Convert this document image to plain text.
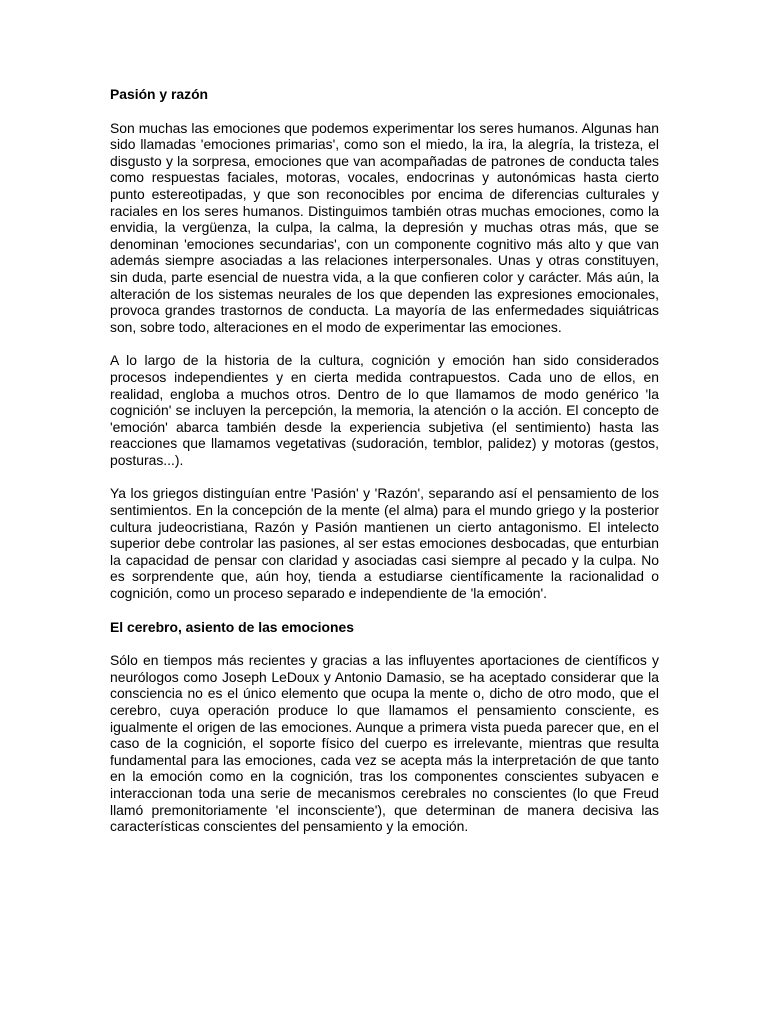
Pasión y razón

Son muchas las emociones que podemos experimentar los seres humanos. Algunas han sido llamadas 'emociones primarias', como son el miedo, la ira, la alegría, la tristeza, el disgusto y la sorpresa, emociones que van acompañadas de patrones de conducta tales como respuestas faciales, motoras, vocales, endocrinas y autonómicas hasta cierto punto estereotipadas, y que son reconocibles por encima de diferencias culturales y raciales en los seres humanos. Distinguimos también otras muchas emociones, como la envidia, la vergüenza, la culpa, la calma, la depresión y muchas otras más, que se denominan 'emociones secundarias', con un componente cognitivo más alto y que van además siempre asociadas a las relaciones interpersonales. Unas y otras constituyen, sin duda, parte esencial de nuestra vida, a la que confieren color y carácter. Más aún, la alteración de los sistemas neurales de los que dependen las expresiones emocionales, provoca grandes trastornos de conducta. La mayoría de las enfermedades siquiátricas son, sobre todo, alteraciones en el modo de experimentar las emociones.

A lo largo de la historia de la cultura, cognición y emoción han sido considerados procesos independientes y en cierta medida contrapuestos. Cada uno de ellos, en realidad, engloba a muchos otros. Dentro de lo que llamamos de modo genérico 'la cognición' se incluyen la percepción, la memoria, la atención o la acción. El concepto de 'emoción' abarca también desde la experiencia subjetiva (el sentimiento) hasta las reacciones que llamamos vegetativas (sudoración, temblor, palidez) y motoras (gestos, posturas...).

Ya los griegos distinguían entre 'Pasión' y 'Razón', separando así el pensamiento de los sentimientos. En la concepción de la mente (el alma) para el mundo griego y la posterior cultura judeocristiana, Razón y Pasión mantienen un cierto antagonismo. El intelecto superior debe controlar las pasiones, al ser estas emociones desbocadas, que enturbian la capacidad de pensar con claridad y asociadas casi siempre al pecado y la culpa. No es sorprendente que, aún hoy, tienda a estudiarse científicamente la racionalidad o cognición, como un proceso separado e independiente de 'la emoción'.

El cerebro, asiento de las emociones

Sólo en tiempos más recientes y gracias a las influyentes aportaciones de científicos y neurólogos como Joseph LeDoux y Antonio Damasio, se ha aceptado considerar que la consciencia no es el único elemento que ocupa la mente o, dicho de otro modo, que el cerebro, cuya operación produce lo que llamamos el pensamiento consciente, es igualmente el origen de las emociones. Aunque a primera vista pueda parecer que, en el caso de la cognición, el soporte físico del cuerpo es irrelevante, mientras que resulta fundamental para las emociones, cada vez se acepta más la interpretación de que tanto en la emoción como en la cognición, tras los componentes conscientes subyacen e interaccionan toda una serie de mecanismos cerebrales no conscientes (lo que Freud llamó premonitoriamente 'el inconsciente'), que determinan de manera decisiva las características conscientes del pensamiento y la emoción.
